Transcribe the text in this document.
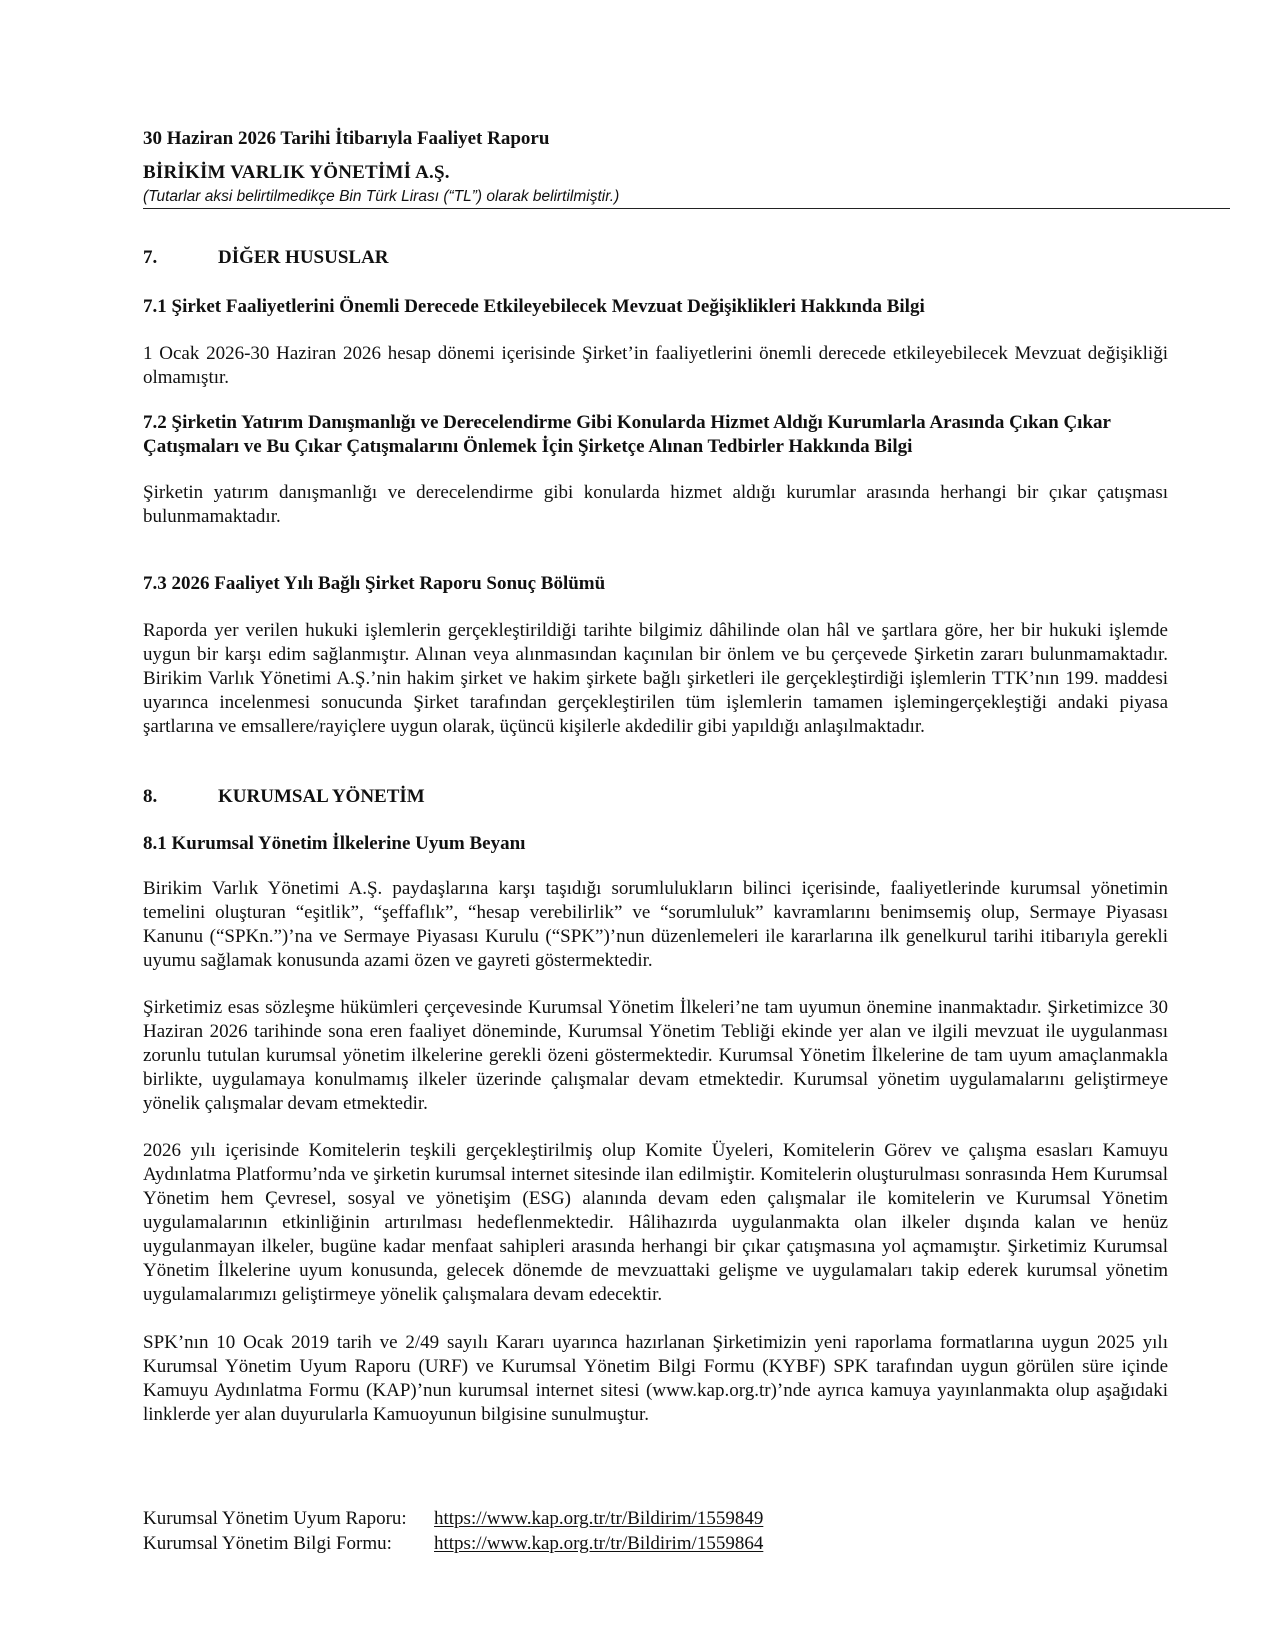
30 Haziran 2026 Tarihi İtibarıyla Faaliyet Raporu
BİRİKİM VARLIK YÖNETİMİ A.Ş.
(Tutarlar aksi belirtilmedikçe Bin Türk Lirası (“TL”) olarak belirtilmiştir.)
7.	DİĞER HUSUSLAR
7.1 Şirket Faaliyetlerini Önemli Derecede Etkileyebilecek Mevzuat Değişiklikleri Hakkında Bilgi
1 Ocak 2026-30 Haziran 2026 hesap dönemi içerisinde Şirket’in faaliyetlerini önemli derecede etkileyebilecek Mevzuat değişikliği olmamıştır.
7.2 Şirketin Yatırım Danışmanlığı ve Derecelendirme Gibi Konularda Hizmet Aldığı Kurumlarla Arasında Çıkan Çıkar Çatışmaları ve Bu Çıkar Çatışmalarını Önlemek İçin Şirketçe Alınan Tedbirler Hakkında Bilgi
Şirketin yatırım danışmanlığı ve derecelendirme gibi konularda hizmet aldığı kurumlar arasında herhangi bir çıkar çatışması bulunmamaktadır.
7.3 2026 Faaliyet Yılı Bağlı Şirket Raporu Sonuç Bölümü
Raporda yer verilen hukuki işlemlerin gerçekleştirildiği tarihte bilgimiz dâhilinde olan hâl ve şartlara göre, her bir hukuki işlemde uygun bir karşı edim sağlanmıştır. Alınan veya alınmasından kaçınılan bir önlem ve bu çerçevede Şirketin zararı bulunmamaktadır. Birikim Varlık Yönetimi A.Ş.’nin hakim şirket ve hakim şirkete bağlı şirketleri ile gerçekleştirdiği işlemlerin TTK’nın 199. maddesi uyarınca incelenmesi sonucunda Şirket tarafından gerçekleştirilen tüm işlemlerin tamamen işlemingerçekleştiği andaki piyasa şartlarına ve emsallere/rayiçlere uygun olarak, üçüncü kişilerle akdedilir gibi yapıldığı anlaşılmaktadır.
8.	KURUMSAL YÖNETİM
8.1 Kurumsal Yönetim İlkelerine Uyum Beyanı
Birikim Varlık Yönetimi A.Ş. paydaşlarına karşı taşıdığı sorumlulukların bilinci içerisinde, faaliyetlerinde kurumsal yönetimin temelini oluşturan “eşitlik”, “şeffaflık”, “hesap verebilirlik” ve “sorumluluk” kavramlarını benimsemiş olup, Sermaye Piyasası Kanunu (“SPKn.”)’na ve Sermaye Piyasası Kurulu (“SPK”)’nun düzenlemeleri ile kararlarına ilk genelkurul tarihi itibarıyla gerekli uyumu sağlamak konusunda azami özen ve gayreti göstermektedir.
Şirketimiz esas sözleşme hükümleri çerçevesinde Kurumsal Yönetim İlkeleri’ne tam uyumun önemine inanmaktadır. Şirketimizce 30 Haziran 2026 tarihinde sona eren faaliyet döneminde, Kurumsal Yönetim Tebliği ekinde yer alan ve ilgili mevzuat ile uygulanması zorunlu tutulan kurumsal yönetim ilkelerine gerekli özeni göstermektedir. Kurumsal Yönetim İlkelerine de tam uyum amaçlanmakla birlikte, uygulamaya konulmamış ilkeler üzerinde çalışmalar devam etmektedir. Kurumsal yönetim uygulamalarını geliştirmeye yönelik çalışmalar devam etmektedir.
2026 yılı içerisinde Komitelerin teşkili gerçekleştirilmiş olup Komite Üyeleri, Komitelerin Görev ve çalışma esasları Kamuyu Aydınlatma Platformu’nda ve şirketin kurumsal internet sitesinde ilan edilmiştir. Komitelerin oluşturulması sonrasında Hem Kurumsal Yönetim hem Çevresel, sosyal ve yönetişim (ESG) alanında devam eden çalışmalar ile komitelerin ve Kurumsal Yönetim uygulamalarının etkinliğinin artırılması hedeflenmektedir. Hâlihazırda uygulanmakta olan ilkeler dışında kalan ve henüz uygulanmayan ilkeler, bugüne kadar menfaat sahipleri arasında herhangi bir çıkar çatışmasına yol açmamıştır. Şirketimiz Kurumsal Yönetim İlkelerine uyum konusunda, gelecek dönemde de mevzuattaki gelişme ve uygulamaları takip ederek kurumsal yönetim uygulamalarımızı geliştirmeye yönelik çalışmalara devam edecektir.
SPK’nın 10 Ocak 2019 tarih ve 2/49 sayılı Kararı uyarınca hazırlanan Şirketimizin yeni raporlama formatlarına uygun 2025 yılı Kurumsal Yönetim Uyum Raporu (URF) ve Kurumsal Yönetim Bilgi Formu (KYBF) SPK tarafından uygun görülen süre içinde Kamuyu Aydınlatma Formu (KAP)’nun kurumsal internet sitesi (www.kap.org.tr)’nde ayrıca kamuya yayınlanmakta olup aşağıdaki linklerde yer alan duyurularla Kamuoyunun bilgisine sunulmuştur.
Kurumsal Yönetim Uyum Raporu:	https://www.kap.org.tr/tr/Bildirim/1559849
Kurumsal Yönetim Bilgi Formu:	https://www.kap.org.tr/tr/Bildirim/1559864
